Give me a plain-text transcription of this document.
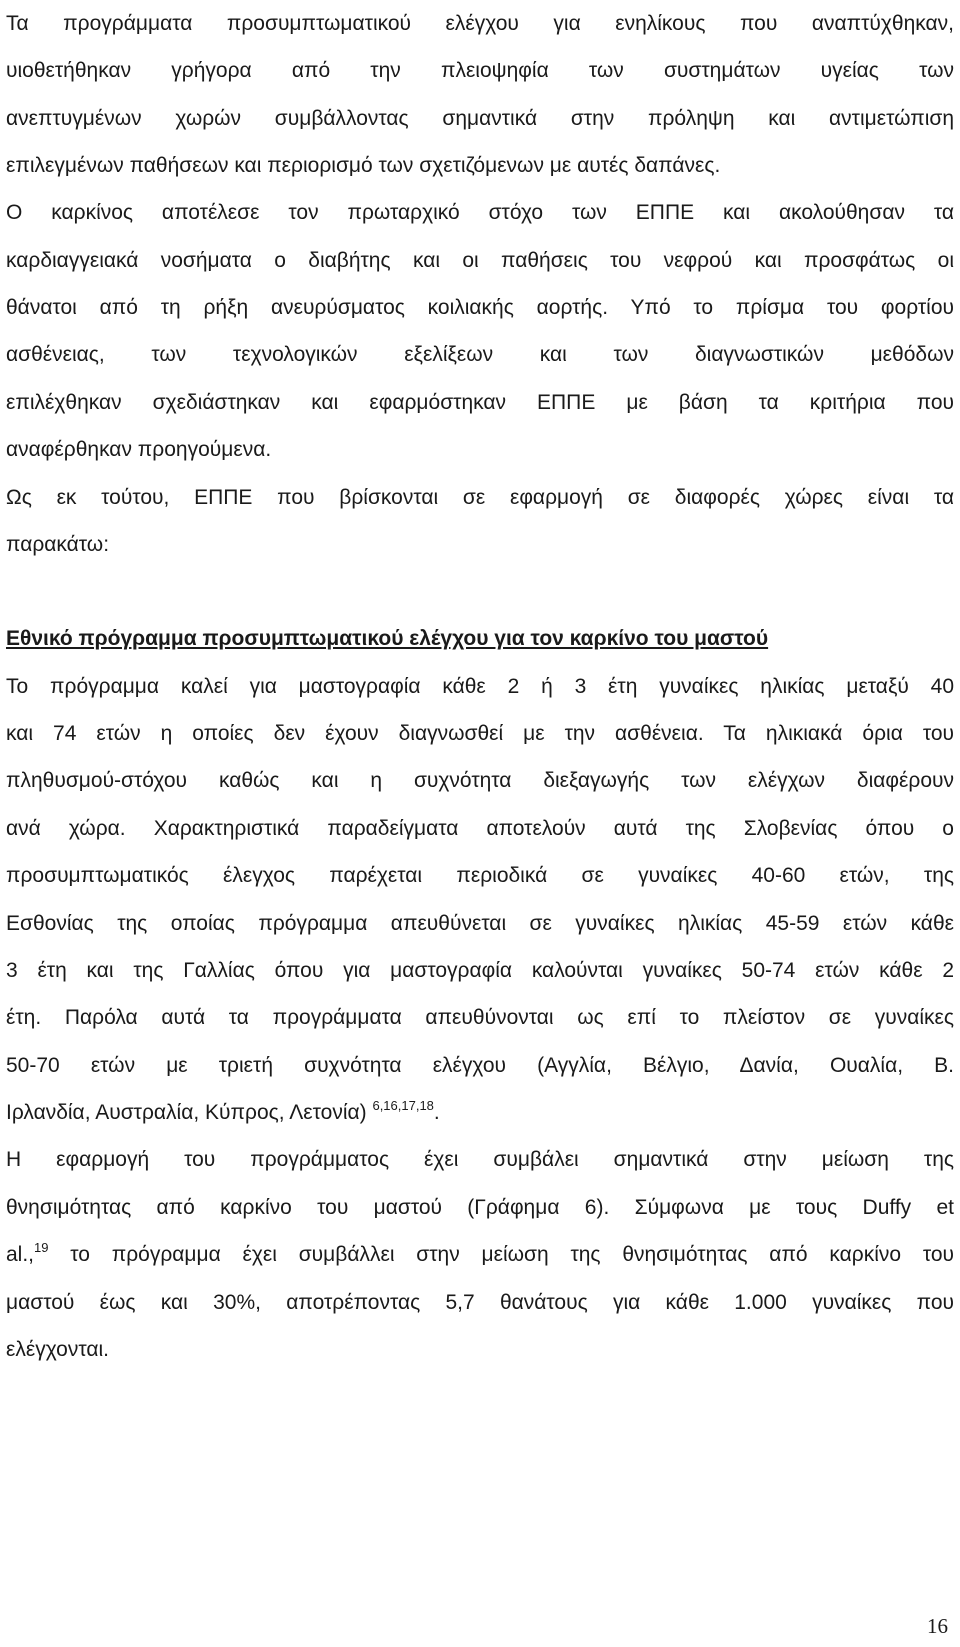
Τα προγράμματα προσυμπτωματικού ελέγχου για ενηλίκους που αναπτύχθηκαν,
υιοθετήθηκαν γρήγορα από την πλειοψηφία των συστημάτων υγείας των
ανεπτυγμένων χωρών συμβάλλοντας σημαντικά στην πρόληψη και αντιμετώπιση
επιλεγμένων παθήσεων και περιορισμό των σχετιζόμενων με αυτές δαπάνες.
Ο καρκίνος αποτέλεσε τον πρωταρχικό στόχο των ΕΠΠΕ και ακολούθησαν τα
καρδιαγγειακά νοσήματα ο διαβήτης και οι παθήσεις του νεφρού και προσφάτως οι
θάνατοι από τη ρήξη ανευρύσματος κοιλιακής αορτής. Υπό το πρίσμα του φορτίου
ασθένειας, των τεχνολογικών εξελίξεων και των διαγνωστικών μεθόδων
επιλέχθηκαν σχεδιάστηκαν και εφαρμόστηκαν ΕΠΠΕ με βάση τα κριτήρια που
αναφέρθηκαν προηγούμενα.
Ως εκ τούτου, ΕΠΠΕ που βρίσκονται σε εφαρμογή σε διαφορές χώρες είναι τα
παρακάτω:
Εθνικό πρόγραμμα προσυμπτωματικού ελέγχου για τον καρκίνο του μαστού
Το πρόγραμμα καλεί για μαστογραφία κάθε 2 ή 3 έτη γυναίκες ηλικίας μεταξύ 40
και 74 ετών η οποίες δεν έχουν διαγνωσθεί με την ασθένεια. Τα ηλικιακά όρια του
πληθυσμού-στόχου καθώς και η συχνότητα διεξαγωγής των ελέγχων διαφέρουν
ανά χώρα. Χαρακτηριστικά παραδείγματα αποτελούν αυτά της Σλοβενίας όπου ο
προσυμπτωματικός έλεγχος παρέχεται περιοδικά σε γυναίκες 40-60 ετών, της
Εσθονίας της οποίας πρόγραμμα απευθύνεται σε γυναίκες ηλικίας 45-59 ετών κάθε
3 έτη και της Γαλλίας όπου για μαστογραφία καλούνται γυναίκες 50-74 ετών κάθε 2
έτη. Παρόλα αυτά τα προγράμματα απευθύνονται ως επί το πλείστον σε γυναίκες
50-70 ετών με τριετή συχνότητα ελέγχου (Αγγλία, Βέλγιο, Δανία, Ουαλία, Β.
Ιρλανδία, Αυστραλία, Κύπρος, Λετονία) $^{6,16,17,18}$.
Η εφαρμογή του προγράμματος έχει συμβάλει σημαντικά στην μείωση της
θνησιμότητας από καρκίνο του μαστού (Γράφημα 6). Σύμφωνα με τους Duffy et
al.,$^{19}$ το πρόγραμμα έχει συμβάλλει στην μείωση της θνησιμότητας από καρκίνο του
μαστού έως και 30%, αποτρέποντας 5,7 θανάτους για κάθε 1.000 γυναίκες που
ελέγχονται.
16
